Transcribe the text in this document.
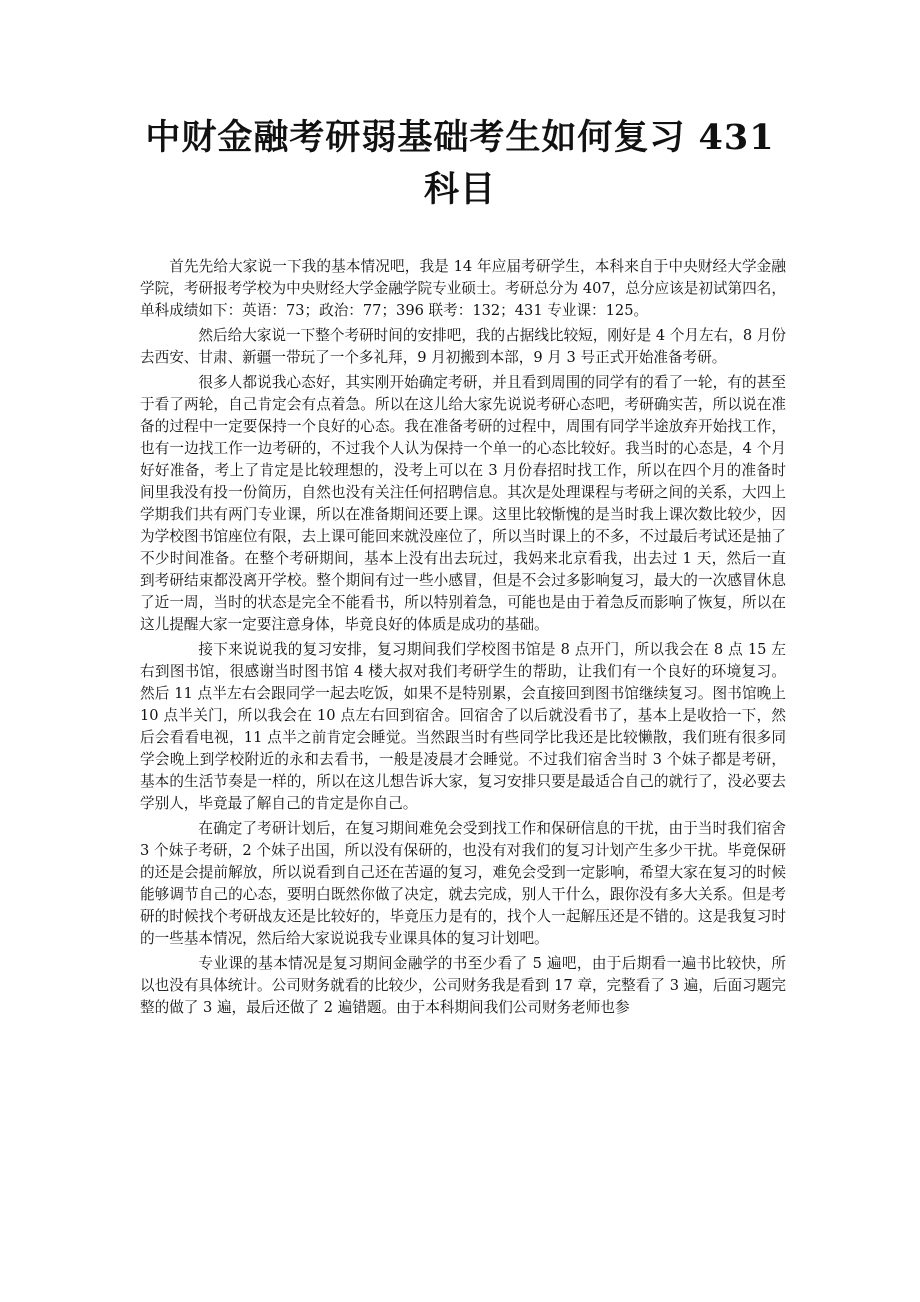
中财金融考研弱基础考生如何复习 431 科目

首先先给大家说一下我的基本情况吧，我是 14 年应届考研学生，本科来自于中央财经大学金融学院，考研报考学校为中央财经大学金融学院专业硕士。考研总分为 407，总分应该是初试第四名，单科成绩如下：英语：73；政治：77；396 联考：132；431 专业课：125。

然后给大家说一下整个考研时间的安排吧，我的占据线比较短，刚好是 4 个月左右，8 月份去西安、甘肃、新疆一带玩了一个多礼拜，9 月初搬到本部，9 月 3 号正式开始准备考研。

很多人都说我心态好，其实刚开始确定考研，并且看到周围的同学有的看了一轮，有的甚至于看了两轮，自己肯定会有点着急。所以在这儿给大家先说说考研心态吧，考研确实苦，所以说在准备的过程中一定要保持一个良好的心态。我在准备考研的过程中，周围有同学半途放弃开始找工作，也有一边找工作一边考研的，不过我个人认为保持一个单一的心态比较好。我当时的心态是，4 个月好好准备，考上了肯定是比较理想的，没考上可以在 3 月份春招时找工作，所以在四个月的准备时间里我没有投一份简历，自然也没有关注任何招聘信息。其次是处理课程与考研之间的关系，大四上学期我们共有两门专业课，所以在准备期间还要上课。这里比较惭愧的是当时我上课次数比较少，因为学校图书馆座位有限，去上课可能回来就没座位了，所以当时课上的不多，不过最后考试还是抽了不少时间准备。在整个考研期间，基本上没有出去玩过，我妈来北京看我，出去过 1 天，然后一直到考研结束都没离开学校。整个期间有过一些小感冒，但是不会过多影响复习，最大的一次感冒休息了近一周，当时的状态是完全不能看书，所以特别着急，可能也是由于着急反而影响了恢复，所以在这儿提醒大家一定要注意身体，毕竟良好的体质是成功的基础。

接下来说说我的复习安排，复习期间我们学校图书馆是 8 点开门，所以我会在 8 点 15 左右到图书馆，很感谢当时图书馆 4 楼大叔对我们考研学生的帮助，让我们有一个良好的环境复习。然后 11 点半左右会跟同学一起去吃饭，如果不是特别累，会直接回到图书馆继续复习。图书馆晚上 10 点半关门，所以我会在 10 点左右回到宿舍。回宿舍了以后就没看书了，基本上是收拾一下，然后会看看电视，11 点半之前肯定会睡觉。当然跟当时有些同学比我还是比较懒散，我们班有很多同学会晚上到学校附近的永和去看书，一般是凌晨才会睡觉。不过我们宿舍当时 3 个妹子都是考研，基本的生活节奏是一样的，所以在这儿想告诉大家，复习安排只要是最适合自己的就行了，没必要去学别人，毕竟最了解自己的肯定是你自己。

在确定了考研计划后，在复习期间难免会受到找工作和保研信息的干扰，由于当时我们宿舍 3 个妹子考研，2 个妹子出国，所以没有保研的，也没有对我们的复习计划产生多少干扰。毕竟保研的还是会提前解放，所以说看到自己还在苦逼的复习，难免会受到一定影响，希望大家在复习的时候能够调节自己的心态，要明白既然你做了决定，就去完成，别人干什么，跟你没有多大关系。但是考研的时候找个考研战友还是比较好的，毕竟压力是有的，找个人一起解压还是不错的。这是我复习时的一些基本情况，然后给大家说说我专业课具体的复习计划吧。

专业课的基本情况是复习期间金融学的书至少看了 5 遍吧，由于后期看一遍书比较快，所以也没有具体统计。公司财务就看的比较少，公司财务我是看到 17 章，完整看了 3 遍，后面习题完整的做了 3 遍，最后还做了 2 遍错题。由于本科期间我们公司财务老师也参
